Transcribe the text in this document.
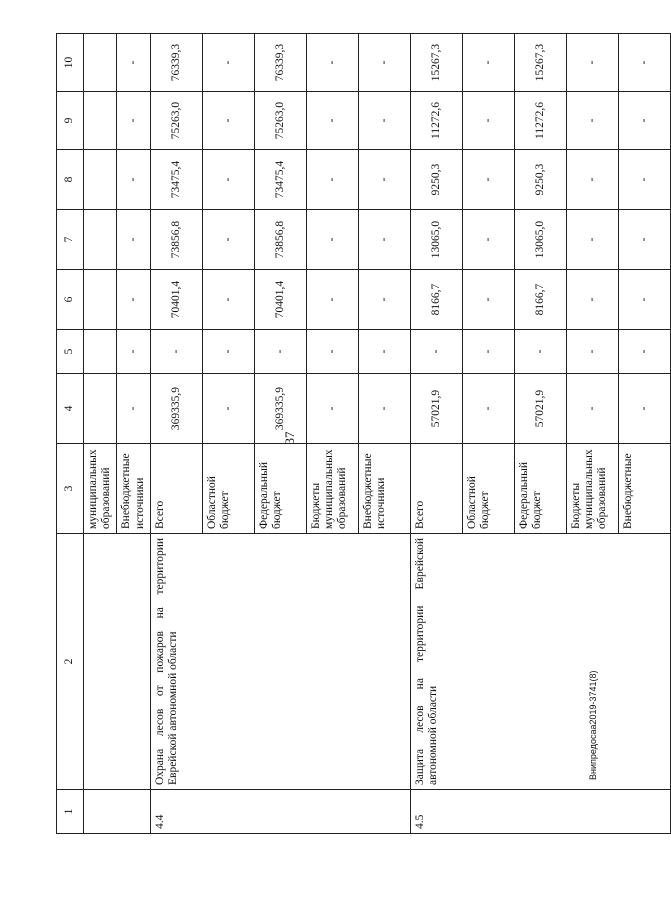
37
1	2	3	4	5	6	7	8	9	10
		муниципальных образований							
		Внебюджетные источники	-	-	-	-	-	-	-
4.4	Охрана лесов от пожаров на территории Еврейской автономной области	Всего	369335,9	-	70401,4	73856,8	73475,4	75263,0	76339,3
		Областной бюджет	-	-	-	-	-	-	-
		Федеральный бюджет	369335,9	-	70401,4	73856,8	73475,4	75263,0	76339,3
		Бюджеты муниципальных образований	-	-	-	-	-	-	-
		Внебюджетные источники	-	-	-	-	-	-	-
4.5	Защита лесов на территории Еврейской автономной области	Всего	57021,9	-	8166,7	13065,0	9250,3	11272,6	15267,3
		Областной бюджет	-	-	-	-	-	-	-
		Федеральный бюджет	57021,9	-	8166,7	13065,0	9250,3	11272,6	15267,3
		Бюджеты муниципальных образований	-	-	-	-	-	-	-
		Внебюджетные	-	-	-	-	-	-	-
Внипредосаа2019-3741(8)
